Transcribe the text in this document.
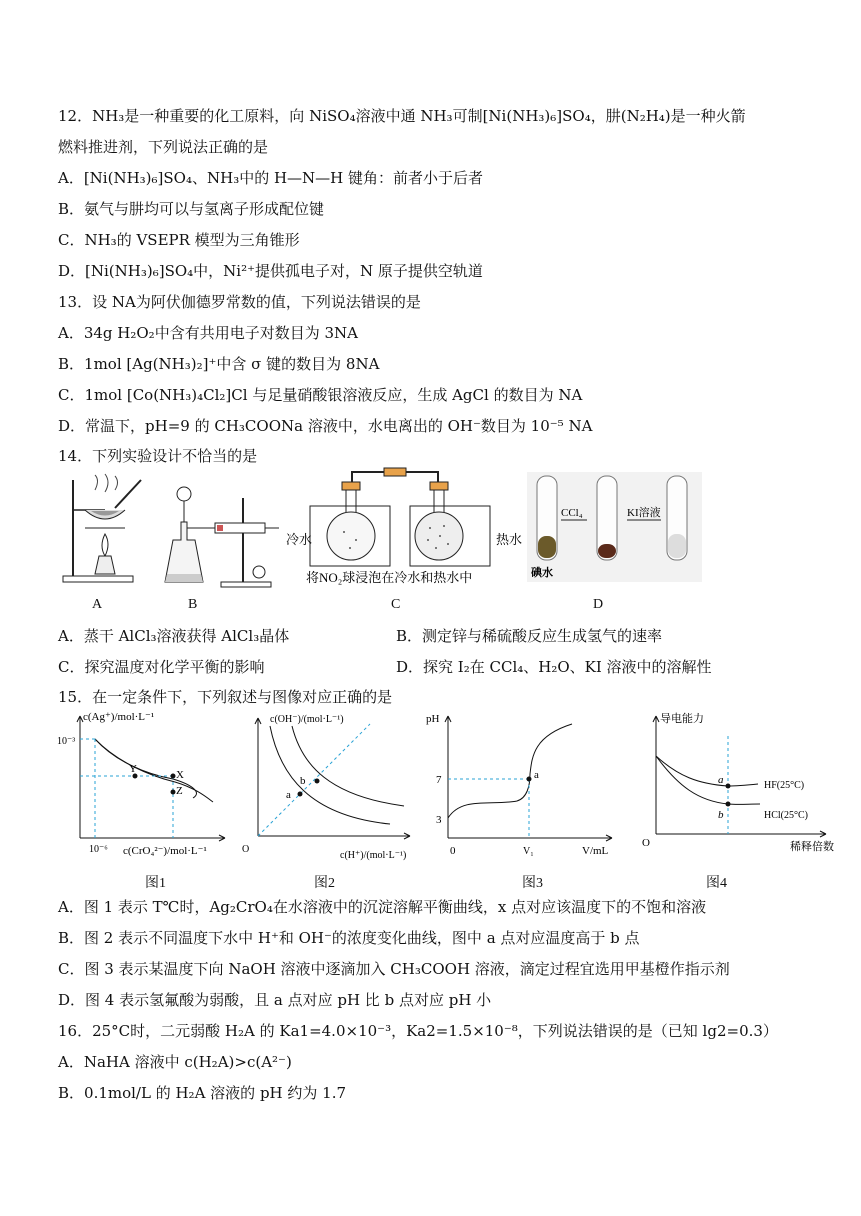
12．NH₃是一种重要的化工原料，向 NiSO₄溶液中通 NH₃可制[Ni(NH₃)₆]SO₄，肼(N₂H₄)是一种火箭
燃料推进剂，下列说法正确的是
A．[Ni(NH₃)₆]SO₄、NH₃中的 H—N—H 键角：前者小于后者
B．氨气与肼均可以与氢离子形成配位键
C．NH₃的 VSEPR 模型为三角锥形
D．[Ni(NH₃)₆]SO₄中，Ni²⁺提供孤电子对，N 原子提供空轨道
13．设 NA为阿伏伽德罗常数的值，下列说法错误的是
A．34g H₂O₂中含有共用电子对数目为 3NA
B．1mol [Ag(NH₃)₂]⁺中含 σ 键的数目为 8NA
C．1mol [Co(NH₃)₄Cl₂]Cl 与足量硝酸银溶液反应，生成 AgCl 的数目为 NA
D．常温下，pH=9 的 CH₃COONa 溶液中，水电离出的 OH⁻数目为 10⁻⁵ NA
14．下列实验设计不恰当的是
A	B
冷水	热水
将NO₂球浸泡在冷水和热水中
C
CCl₄	KI溶液
碘水
D
A．蒸干 AlCl₃溶液获得 AlCl₃晶体	B．测定锌与稀硫酸反应生成氢气的速率
C．探究温度对化学平衡的影响	D．探究 I₂在 CCl₄、H₂O、KI 溶液中的溶解性
15．在一定条件下，下列叙述与图像对应正确的是
c(Ag⁺)/mol·L⁻¹
10⁻³
10⁻⁶ c(CrO₄²⁻)/mol·L⁻¹
Y	X
Z
图1
c(OH⁻)/(mol·L⁻¹)
O
c(H⁺)/(mol·L⁻¹)
a
b
图2
pH
7
3
0	V₁	V/mL
a
图3
导电能力
O	稀释倍数
a
b
HF(25°C)
HCl(25°C)
图4
A．图 1 表示 T℃时，Ag₂CrO₄在水溶液中的沉淀溶解平衡曲线，x 点对应该温度下的不饱和溶液
B．图 2 表示不同温度下水中 H⁺和 OH⁻的浓度变化曲线，图中 a 点对应温度高于 b 点
C．图 3 表示某温度下向 NaOH 溶液中逐滴加入 CH₃COOH 溶液，滴定过程宜选用甲基橙作指示剂
D．图 4 表示氢氟酸为弱酸，且 a 点对应 pH 比 b 点对应 pH 小
16．25°C时，二元弱酸 H₂A 的 Ka1=4.0×10⁻³，Ka2=1.5×10⁻⁸，下列说法错误的是（已知 lg2=0.3）
A．NaHA 溶液中 c(H₂A)>c(A²⁻)
B．0.1mol/L 的 H₂A 溶液的 pH 约为 1.7
